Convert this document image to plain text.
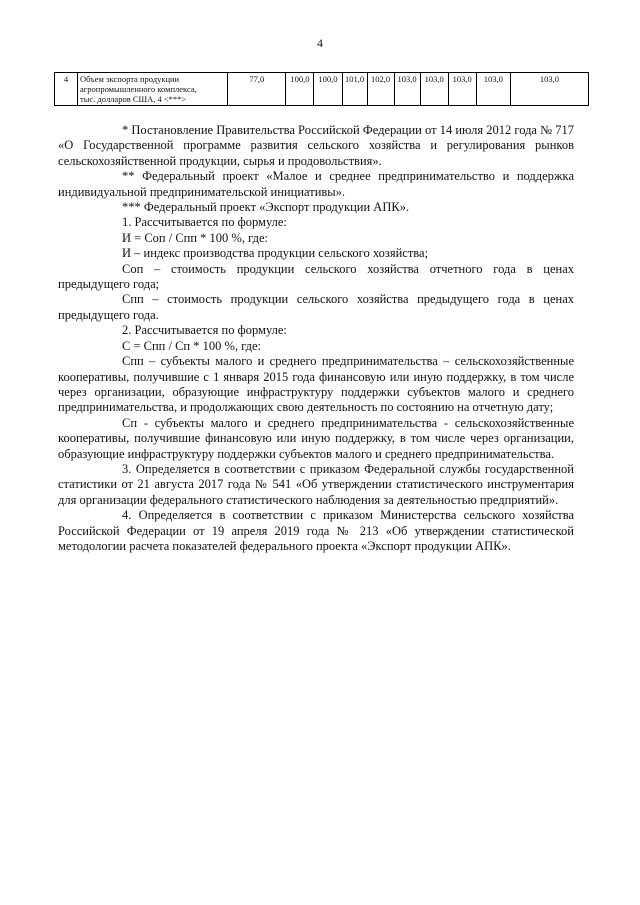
4
4	Объем экспорта продукции
агропромышленного комплекса,
тыс. долларов США, 4 <***>
	77,0	100,0	100,0	101,0	102,0	103,0	103,0	103,0	103,0	103,0

* Постановление Правительства Российской Федерации от 14 июля 2012 года № 717 «О Государственной программе развития сельского хозяйства и регулирования рынков сельскохозяйственной продукции, сырья и продовольствия».

** Федеральный проект «Малое и среднее предпринимательство и поддержка индивидуальной предпринимательской инициативы».

*** Федеральный проект «Экспорт продукции АПК».

1. Рассчитывается по формуле:

И = Соп / Спп * 100 %, где:

И – индекс производства продукции сельского хозяйства;

Соп – стоимость продукции сельского хозяйства отчетного года в ценах предыдущего года;

Спп – стоимость продукции сельского хозяйства предыдущего года в ценах предыдущего года.

2. Рассчитывается по формуле:

С = Спп / Сп * 100 %, где:

Спп – субъекты малого и среднего предпринимательства – сельскохозяйственные кооперативы, получившие с 1 января 2015 года финансовую или иную поддержку, в том числе через организации, образующие инфраструктуру поддержки субъектов малого и среднего предпринимательства, и продолжающих свою деятельность по состоянию на отчетную дату;

Сп - субъекты малого и среднего предпринимательства - сельскохозяйственные кооперативы, получившие финансовую или иную поддержку, в том числе через организации, образующие инфраструктуру поддержки субъектов малого и среднего предпринимательства.

3. Определяется в соответствии с приказом Федеральной службы государственной статистики от 21 августа 2017 года № 541 «Об утверждении статистического инструментария для организации федерального статистического наблюдения за деятельностью предприятий».

4. Определяется в соответствии с приказом Министерства сельского хозяйства Российской Федерации от 19 апреля 2019 года № 213 «Об утверждении статистической методологии расчета показателей федерального проекта «Экспорт продукции АПК».
